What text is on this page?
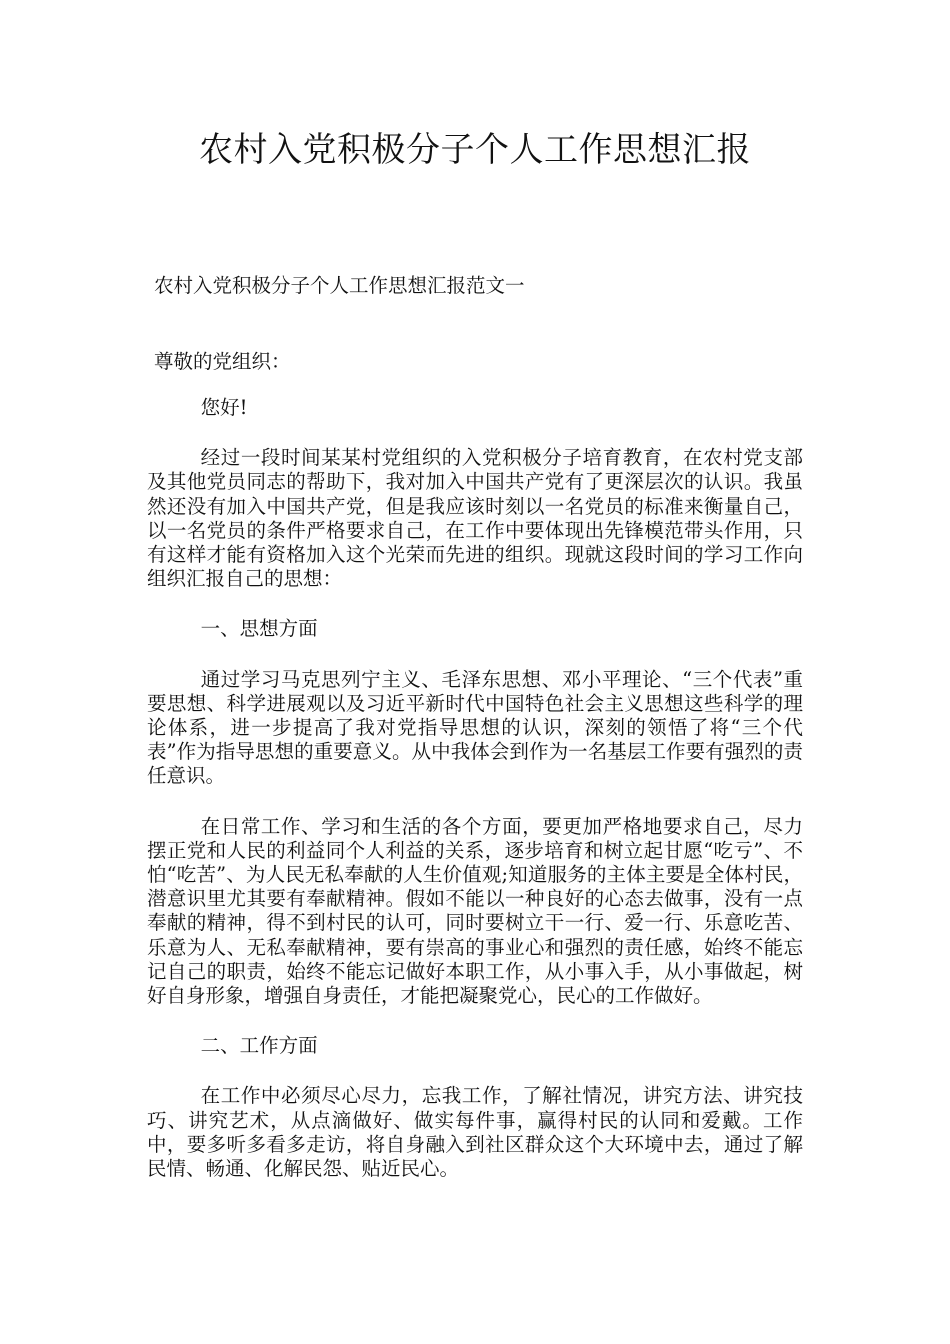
农村入党积极分子个人工作思想汇报
农村入党积极分子个人工作思想汇报范文一
尊敬的党组织：

您好!

经过一段时间某某村党组织的入党积极分子培育教育，在农村党支部及其他党员同志的帮助下，我对加入中国共产党有了更深层次的认识。我虽然还没有加入中国共产党，但是我应该时刻以一名党员的标准来衡量自己，以一名党员的条件严格要求自己，在工作中要体现出先锋模范带头作用，只有这样才能有资格加入这个光荣而先进的组织。现就这段时间的学习工作向组织汇报自己的思想：

一、思想方面

通过学习马克思列宁主义、毛泽东思想、邓小平理论、“三个代表”重要思想、科学进展观以及习近平新时代中国特色社会主义思想这些科学的理论体系，进一步提高了我对党指导思想的认识，深刻的领悟了将“三个代表”作为指导思想的重要意义。从中我体会到作为一名基层工作要有强烈的责任意识。

在日常工作、学习和生活的各个方面，要更加严格地要求自己，尽力摆正党和人民的利益同个人利益的关系，逐步培育和树立起甘愿“吃亏”、不怕“吃苦”、为人民无私奉献的人生价值观;知道服务的主体主要是全体村民，潜意识里尤其要有奉献精神。假如不能以一种良好的心态去做事，没有一点奉献的精神，得不到村民的认可，同时要树立干一行、爱一行、乐意吃苦、乐意为人、无私奉献精神，要有崇高的事业心和强烈的责任感，始终不能忘记自己的职责，始终不能忘记做好本职工作，从小事入手，从小事做起，树好自身形象，增强自身责任，才能把凝聚党心，民心的工作做好。

二、工作方面

在工作中必须尽心尽力，忘我工作，了解社情况，讲究方法、讲究技巧、讲究艺术，从点滴做好、做实每件事，赢得村民的认同和爱戴。工作中，要多听多看多走访，将自身融入到社区群众这个大环境中去，通过了解民情、畅通、化解民怨、贴近民心。
